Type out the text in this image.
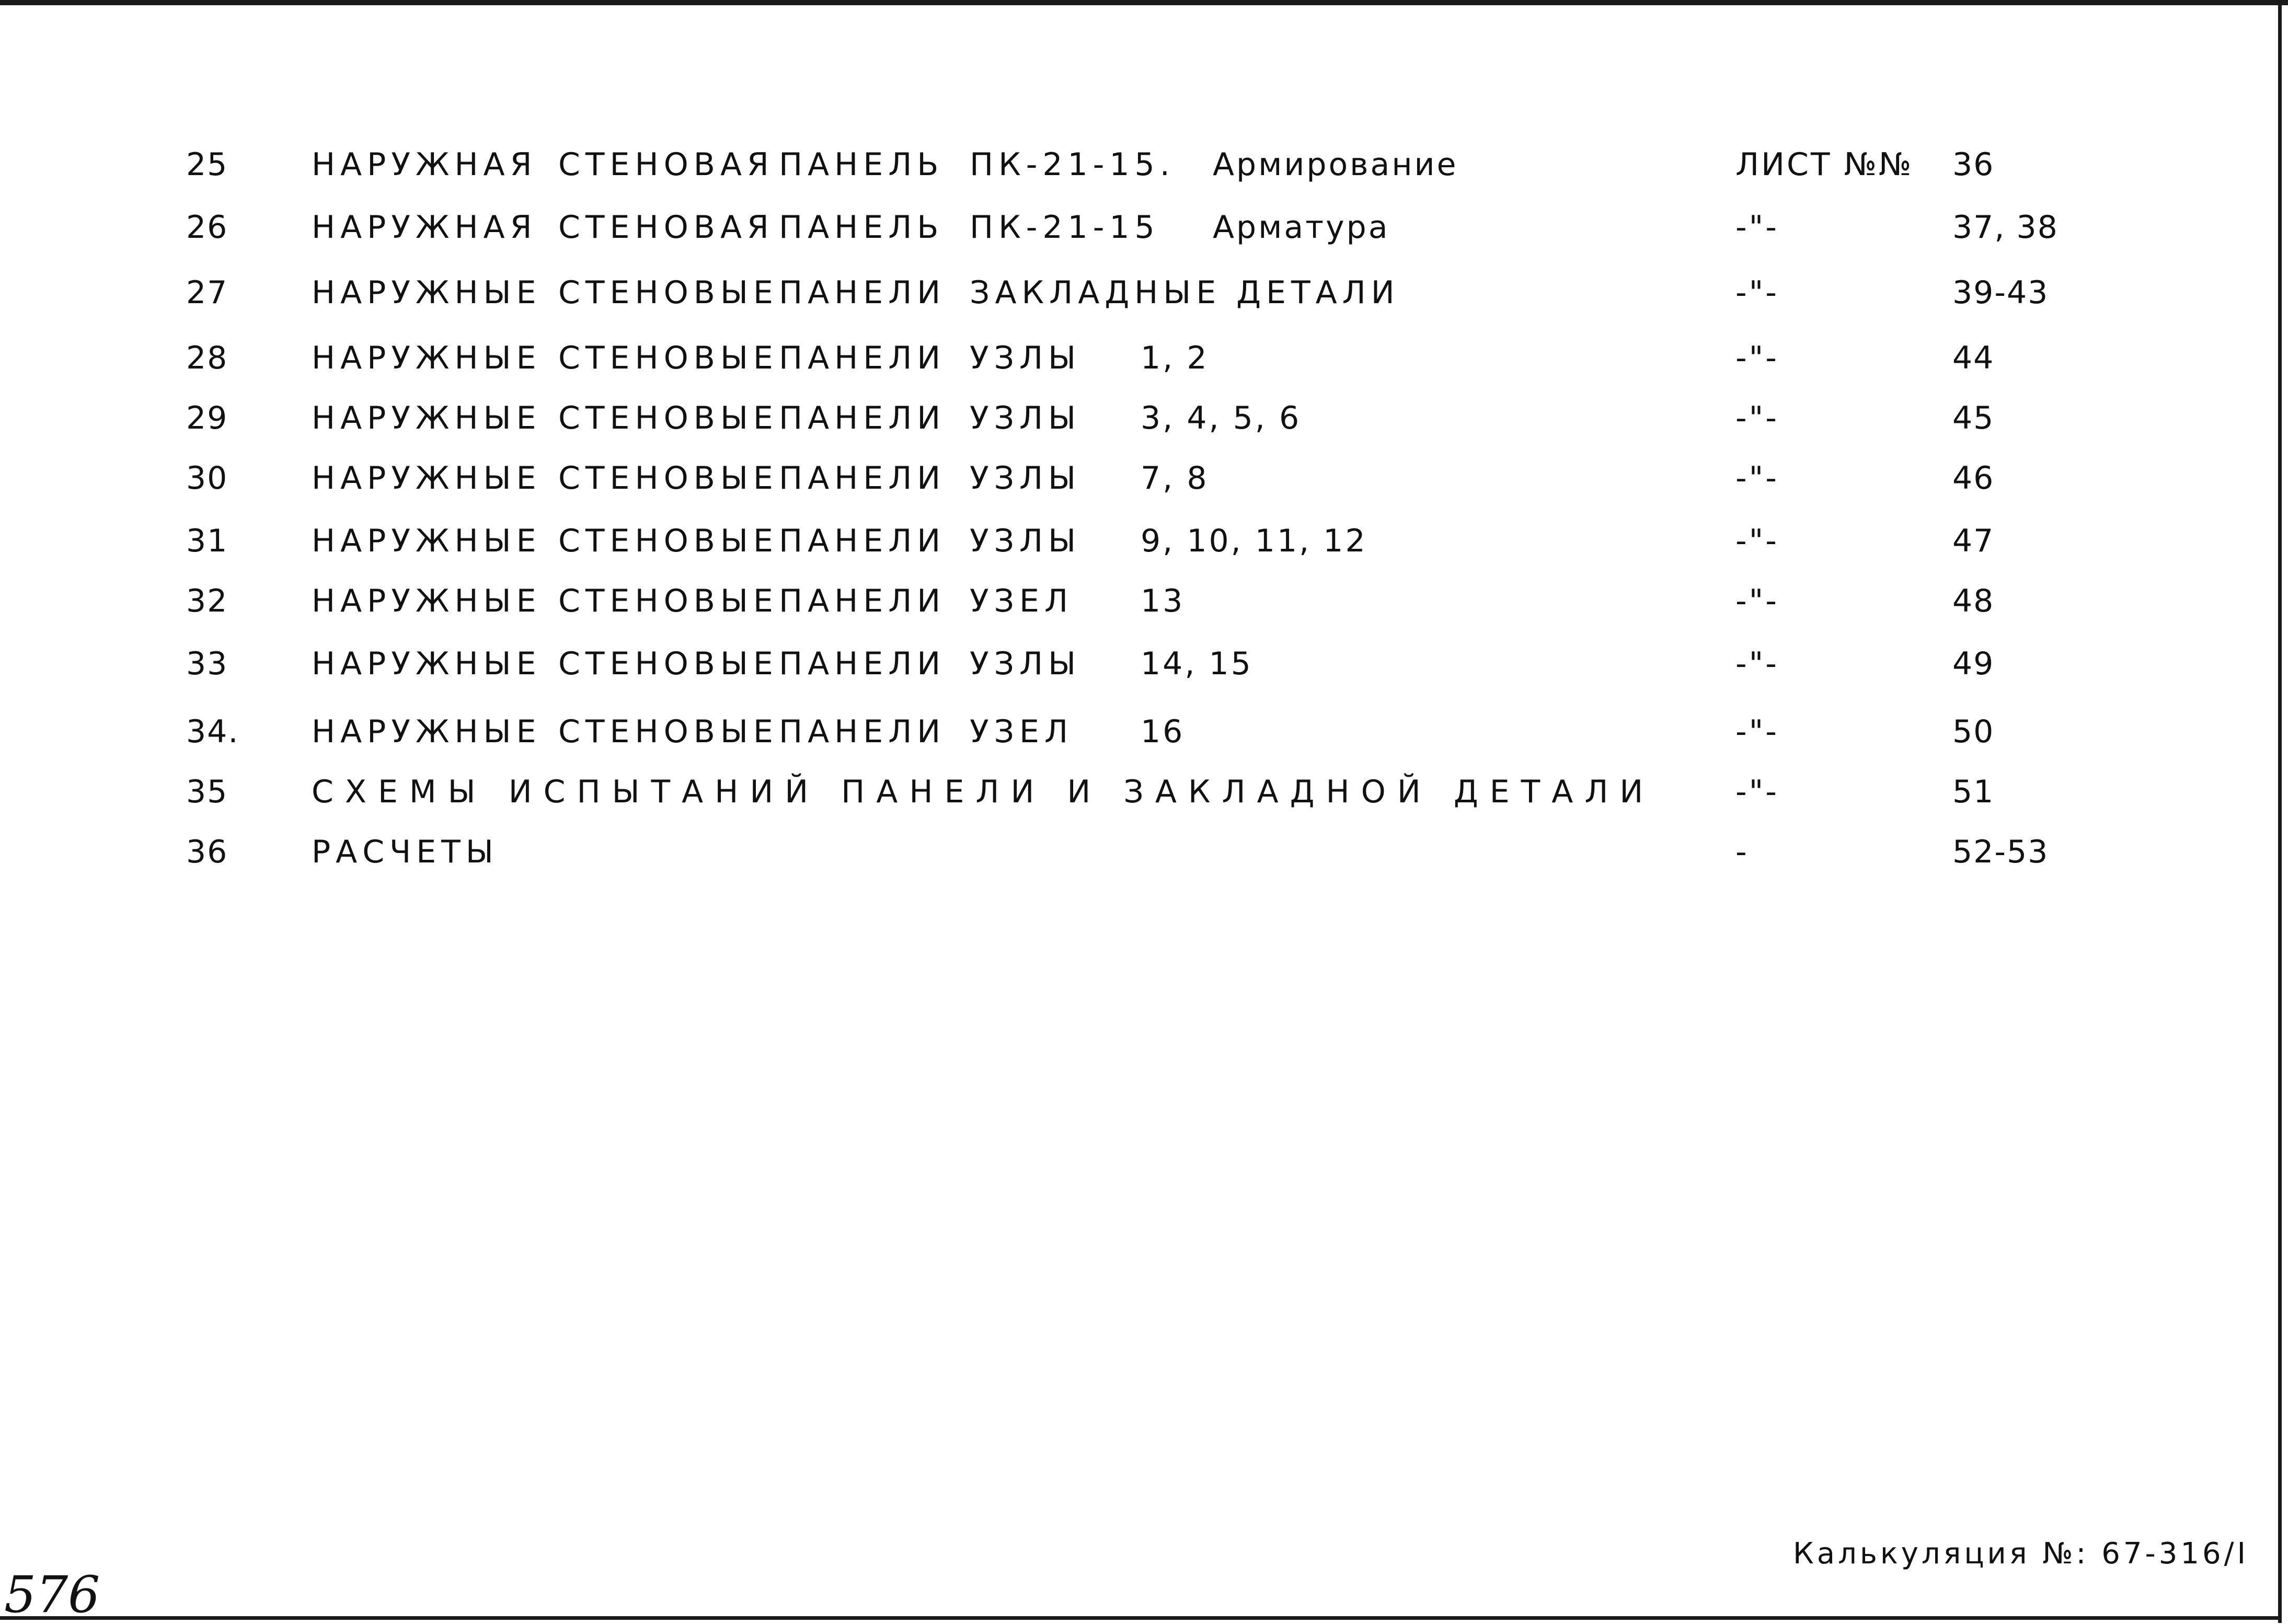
25	НАРУЖНАЯ СТЕНОВАЯ ПАНЕЛЬ ПК-21-15. Армирование	ЛИСТ №№ 36
26	НАРУЖНАЯ СТЕНОВАЯ ПАНЕЛЬ ПК-21-15 Арматура	-"-	37, 38
27	НАРУЖНЫЕ СТЕНОВЫЕ ПАНЕЛИ ЗАКЛАДНЫЕ ДЕТАЛИ	-"-	39-43
28	НАРУЖНЫЕ СТЕНОВЫЕ ПАНЕЛИ УЗЛЫ 1, 2	-"-	44
29	НАРУЖНЫЕ СТЕНОВЫЕ ПАНЕЛИ УЗЛЫ 3, 4, 5, 6	-"-	45
30	НАРУЖНЫЕ СТЕНОВЫЕ ПАНЕЛИ УЗЛЫ 7, 8	-"-	46
31	НАРУЖНЫЕ СТЕНОВЫЕ ПАНЕЛИ УЗЛЫ 9, 10, 11, 12	-"-	47
32	НАРУЖНЫЕ СТЕНОВЫЕ ПАНЕЛИ УЗЕЛ 13	-"-	48
33	НАРУЖНЫЕ СТЕНОВЫЕ ПАНЕЛИ УЗЛЫ 14, 15	-"-	49
34. НАРУЖНЫЕ СТЕНОВЫЕ ПАНЕЛИ УЗЕЛ 16	-"-	50
35	СХЕМЫ ИСПЫТАНИЙ ПАНЕЛИ И ЗАКЛАДНОЙ ДЕТАЛИ	-"-	51
36	РАСЧЕТЫ	-	52-53
Калькуляция №: 67-316/I
576
